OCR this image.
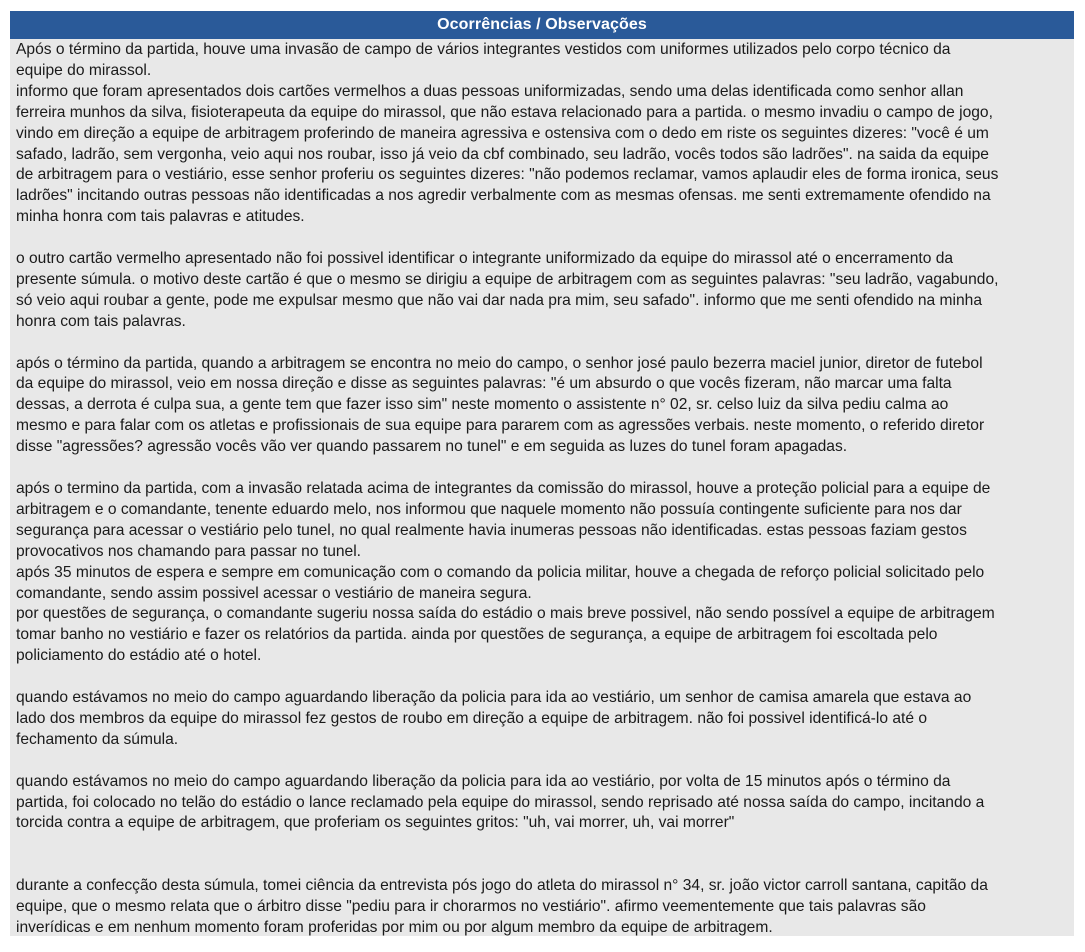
Ocorrências / Observações
Após o término da partida, houve uma invasão de campo de vários integrantes vestidos com uniformes utilizados pelo corpo técnico da
equipe do mirassol.
informo que foram apresentados dois cartões vermelhos a duas pessoas uniformizadas, sendo uma delas identificada como senhor allan
ferreira munhos da silva, fisioterapeuta da equipe do mirassol, que não estava relacionado para a partida. o mesmo invadiu o campo de jogo,
vindo em direção a equipe de arbitragem proferindo de maneira agressiva e ostensiva com o dedo em riste os seguintes dizeres: "você é um
safado, ladrão, sem vergonha, veio aqui nos roubar, isso já veio da cbf combinado, seu ladrão, vocês todos são ladrões". na saida da equipe
de arbitragem para o vestiário, esse senhor proferiu os seguintes dizeres: "não podemos reclamar, vamos aplaudir eles de forma ironica, seus
ladrões" incitando outras pessoas não identificadas a nos agredir verbalmente com as mesmas ofensas. me senti extremamente ofendido na
minha honra com tais palavras e atitudes.
o outro cartão vermelho apresentado não foi possivel identificar o integrante uniformizado da equipe do mirassol até o encerramento da
presente súmula. o motivo deste cartão é que o mesmo se dirigiu a equipe de arbitragem com as seguintes palavras: "seu ladrão, vagabundo,
só veio aqui roubar a gente, pode me expulsar mesmo que não vai dar nada pra mim, seu safado". informo que me senti ofendido na minha
honra com tais palavras.
após o término da partida, quando a arbitragem se encontra no meio do campo, o senhor josé paulo bezerra maciel junior, diretor de futebol
da equipe do mirassol, veio em nossa direção e disse as seguintes palavras: "é um absurdo o que vocês fizeram, não marcar uma falta
dessas, a derrota é culpa sua, a gente tem que fazer isso sim" neste momento o assistente n° 02, sr. celso luiz da silva pediu calma ao
mesmo e para falar com os atletas e profissionais de sua equipe para pararem com as agressões verbais. neste momento, o referido diretor
disse "agressões? agressão vocês vão ver quando passarem no tunel" e em seguida as luzes do tunel foram apagadas.
após o termino da partida, com a invasão relatada acima de integrantes da comissão do mirassol, houve a proteção policial para a equipe de
arbitragem e o comandante, tenente eduardo melo, nos informou que naquele momento não possuía contingente suficiente para nos dar
segurança para acessar o vestiário pelo tunel, no qual realmente havia inumeras pessoas não identificadas. estas pessoas faziam gestos
provocativos nos chamando para passar no tunel.
após 35 minutos de espera e sempre em comunicação com o comando da policia militar, houve a chegada de reforço policial solicitado pelo
comandante, sendo assim possivel acessar o vestiário de maneira segura.
por questões de segurança, o comandante sugeriu nossa saída do estádio o mais breve possivel, não sendo possível a equipe de arbitragem
tomar banho no vestiário e fazer os relatórios da partida. ainda por questões de segurança, a equipe de arbitragem foi escoltada pelo
policiamento do estádio até o hotel.
quando estávamos no meio do campo aguardando liberação da policia para ida ao vestiário, um senhor de camisa amarela que estava ao
lado dos membros da equipe do mirassol fez gestos de roubo em direção a equipe de arbitragem. não foi possivel identificá-lo até o
fechamento da súmula.
quando estávamos no meio do campo aguardando liberação da policia para ida ao vestiário, por volta de 15 minutos após o término da
partida, foi colocado no telão do estádio o lance reclamado pela equipe do mirassol, sendo reprisado até nossa saída do campo, incitando a
torcida contra a equipe de arbitragem, que proferiam os seguintes gritos: "uh, vai morrer, uh, vai morrer"
durante a confecção desta súmula, tomei ciência da entrevista pós jogo do atleta do mirassol n° 34, sr. joão victor carroll santana, capitão da
equipe, que o mesmo relata que o árbitro disse "pediu para ir chorarmos no vestiário". afirmo veementemente que tais palavras são
inverídicas e em nenhum momento foram proferidas por mim ou por algum membro da equipe de arbitragem.
